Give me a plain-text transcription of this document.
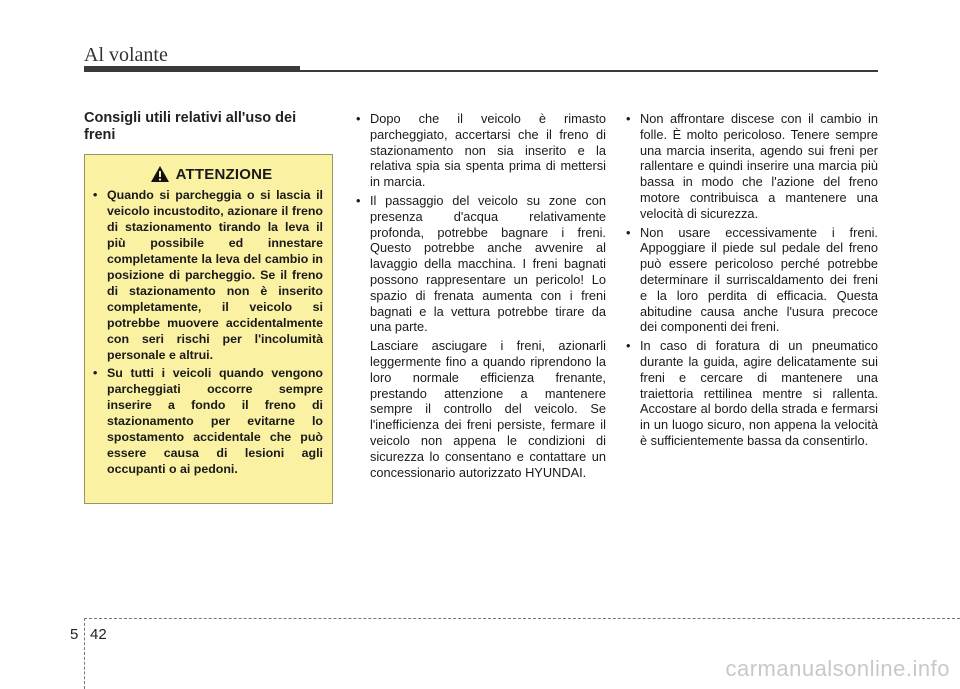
Al volante
Consigli utili relativi all'uso dei freni
ATTENZIONE
• Quando si parcheggia o si lascia il veicolo incustodito, azionare il freno di stazionamento tirando la leva il più possibile ed innestare completamente la leva del cambio in posizione di parcheggio. Se il freno di stazionamento non è inserito completamente, il veicolo si potrebbe muovere accidentalmente con seri rischi per l'incolumità personale e altrui.
• Su tutti i veicoli quando vengono parcheggiati occorre sempre inserire a fondo il freno di stazionamento per evitarne lo spostamento accidentale che può essere causa di lesioni agli occupanti o ai pedoni.
• Dopo che il veicolo è rimasto parcheggiato, accertarsi che il freno di stazionamento non sia inserito e la relativa spia sia spenta prima di mettersi in marcia.
• Il passaggio del veicolo su zone con presenza d'acqua relativamente profonda, potrebbe bagnare i freni. Questo potrebbe anche avvenire al lavaggio della macchina. I freni bagnati possono rappresentare un pericolo! Lo spazio di frenata aumenta con i freni bagnati e la vettura potrebbe tirare da una parte.

Lasciare asciugare i freni, azionarli leggermente fino a quando riprendono la loro normale efficienza frenante, prestando attenzione a mantenere sempre il controllo del veicolo. Se l'inefficienza dei freni persiste, fermare il veicolo non appena le condizioni di sicurezza lo consentano e contattare un concessionario autorizzato HYUNDAI.

• Non affrontare discese con il cambio in folle. È molto pericoloso. Tenere sempre una marcia inserita, agendo sui freni per rallentare e quindi inserire una marcia più bassa in modo che l'azione del freno motore contribuisca a mantenere una velocità di sicurezza.
• Non usare eccessivamente i freni. Appoggiare il piede sul pedale del freno può essere pericoloso perché potrebbe determinare il surriscaldamento dei freni e la loro perdita di efficacia. Questa abitudine causa anche l'usura precoce dei componenti dei freni.
• In caso di foratura di un pneumatico durante la guida, agire delicatamente sui freni e cercare di mantenere una traiettoria rettilinea mentre si rallenta. Accostare al bordo della strada e fermarsi in un luogo sicuro, non appena la velocità è sufficientemente bassa da consentirlo.
5 42
carmanualsonline.info
